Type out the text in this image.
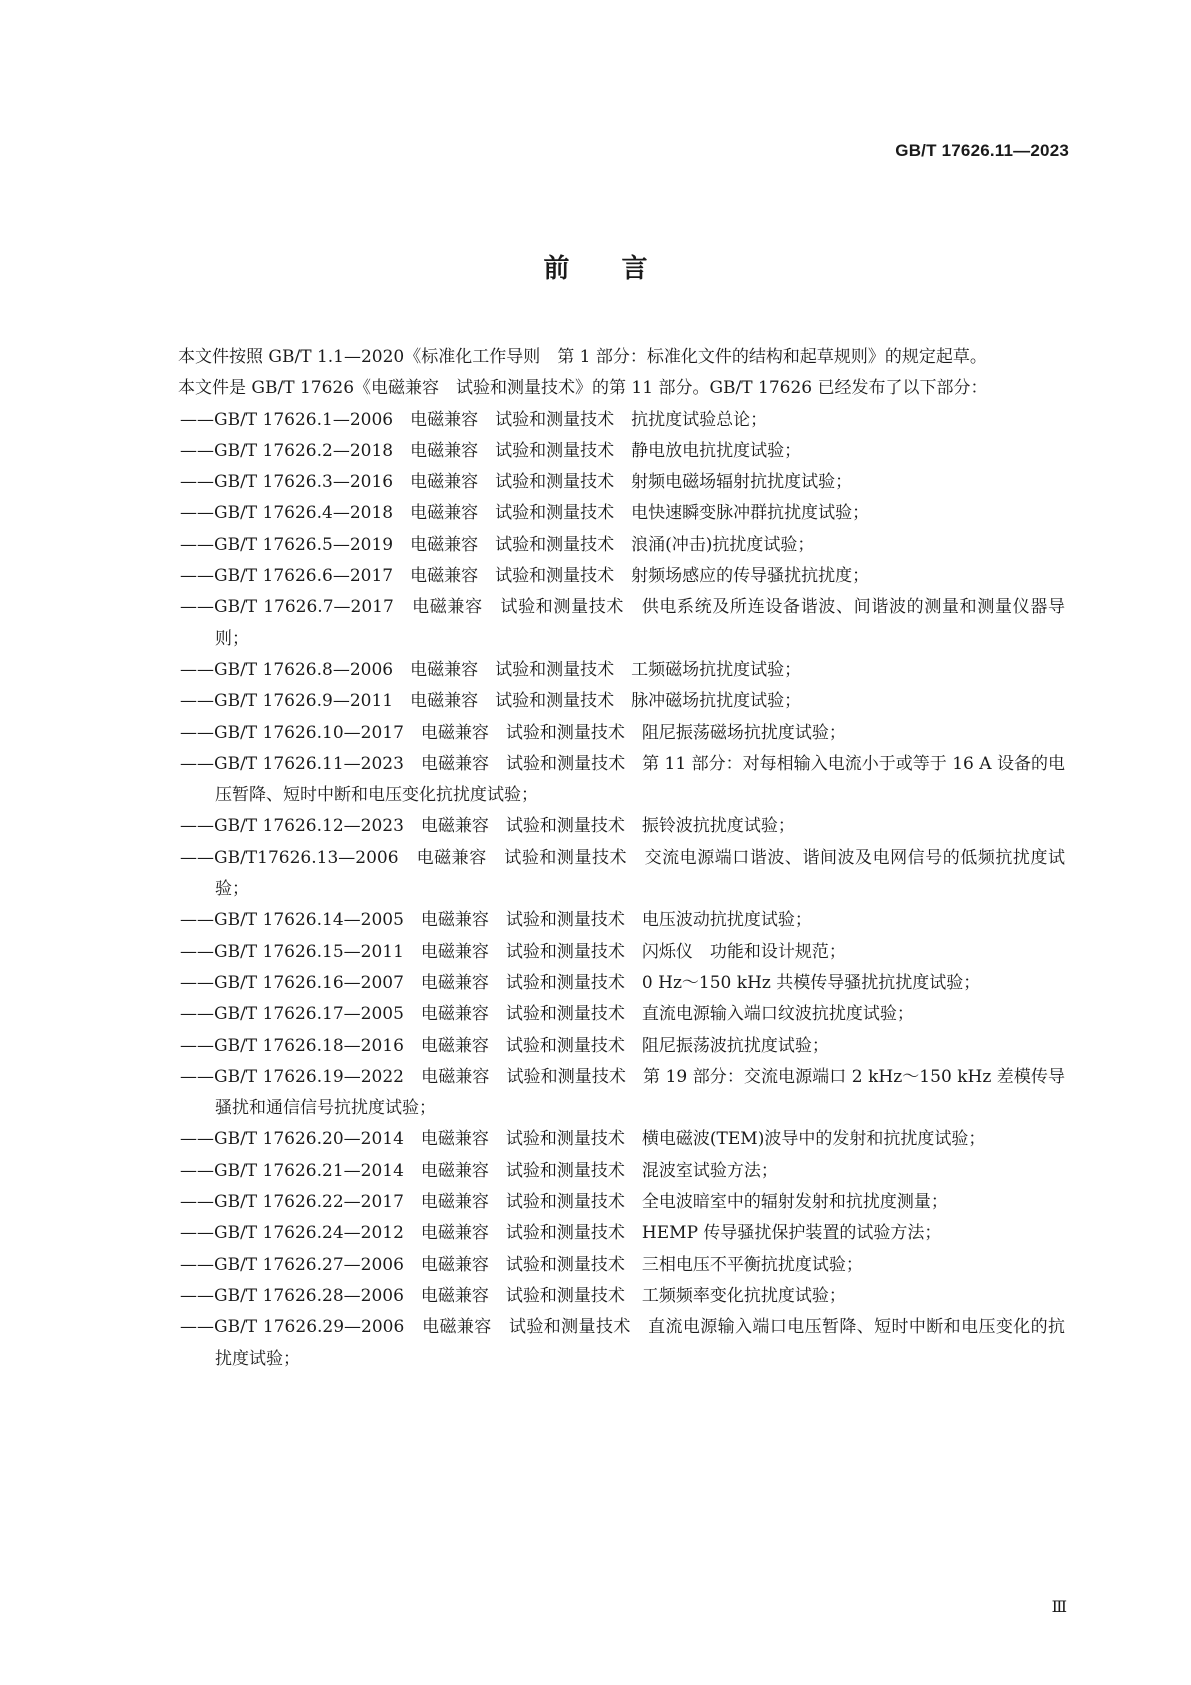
GB/T 17626.11—2023
前言

本文件按照 GB/T 1.1—2020《标准化工作导则　第 1 部分：标准化文件的结构和起草规则》的规定起草。

本文件是 GB/T 17626《电磁兼容　试验和测量技术》的第 11 部分。GB/T 17626 已经发布了以下部分：

——GB/T 17626.1—2006　电磁兼容　试验和测量技术　抗扰度试验总论；

——GB/T 17626.2—2018　电磁兼容　试验和测量技术　静电放电抗扰度试验；

——GB/T 17626.3—2016　电磁兼容　试验和测量技术　射频电磁场辐射抗扰度试验；

——GB/T 17626.4—2018　电磁兼容　试验和测量技术　电快速瞬变脉冲群抗扰度试验；

——GB/T 17626.5—2019　电磁兼容　试验和测量技术　浪涌(冲击)抗扰度试验；

——GB/T 17626.6—2017　电磁兼容　试验和测量技术　射频场感应的传导骚扰抗扰度；

——GB/T 17626.7—2017　电磁兼容　试验和测量技术　供电系统及所连设备谐波、间谐波的测量和测量仪器导则；

——GB/T 17626.8—2006　电磁兼容　试验和测量技术　工频磁场抗扰度试验；

——GB/T 17626.9—2011　电磁兼容　试验和测量技术　脉冲磁场抗扰度试验；

——GB/T 17626.10—2017　电磁兼容　试验和测量技术　阻尼振荡磁场抗扰度试验；

——GB/T 17626.11—2023　电磁兼容　试验和测量技术　第 11 部分：对每相输入电流小于或等于 16 A 设备的电压暂降、短时中断和电压变化抗扰度试验；

——GB/T 17626.12—2023　电磁兼容　试验和测量技术　振铃波抗扰度试验；

——GB/T17626.13—2006　电磁兼容　试验和测量技术　交流电源端口谐波、谐间波及电网信号的低频抗扰度试验；

——GB/T 17626.14—2005　电磁兼容　试验和测量技术　电压波动抗扰度试验；

——GB/T 17626.15—2011　电磁兼容　试验和测量技术　闪烁仪　功能和设计规范；

——GB/T 17626.16—2007　电磁兼容　试验和测量技术　0 Hz～150 kHz 共模传导骚扰抗扰度试验；

——GB/T 17626.17—2005　电磁兼容　试验和测量技术　直流电源输入端口纹波抗扰度试验；

——GB/T 17626.18—2016　电磁兼容　试验和测量技术　阻尼振荡波抗扰度试验；

——GB/T 17626.19—2022　电磁兼容　试验和测量技术　第 19 部分：交流电源端口 2 kHz～150 kHz 差模传导骚扰和通信信号抗扰度试验；

——GB/T 17626.20—2014　电磁兼容　试验和测量技术　横电磁波(TEM)波导中的发射和抗扰度试验；

——GB/T 17626.21—2014　电磁兼容　试验和测量技术　混波室试验方法；

——GB/T 17626.22—2017　电磁兼容　试验和测量技术　全电波暗室中的辐射发射和抗扰度测量；

——GB/T 17626.24—2012　电磁兼容　试验和测量技术　HEMP 传导骚扰保护装置的试验方法；

——GB/T 17626.27—2006　电磁兼容　试验和测量技术　三相电压不平衡抗扰度试验；

——GB/T 17626.28—2006　电磁兼容　试验和测量技术　工频频率变化抗扰度试验；

——GB/T 17626.29—2006　电磁兼容　试验和测量技术　直流电源输入端口电压暂降、短时中断和电压变化的抗扰度试验；

Ⅲ
